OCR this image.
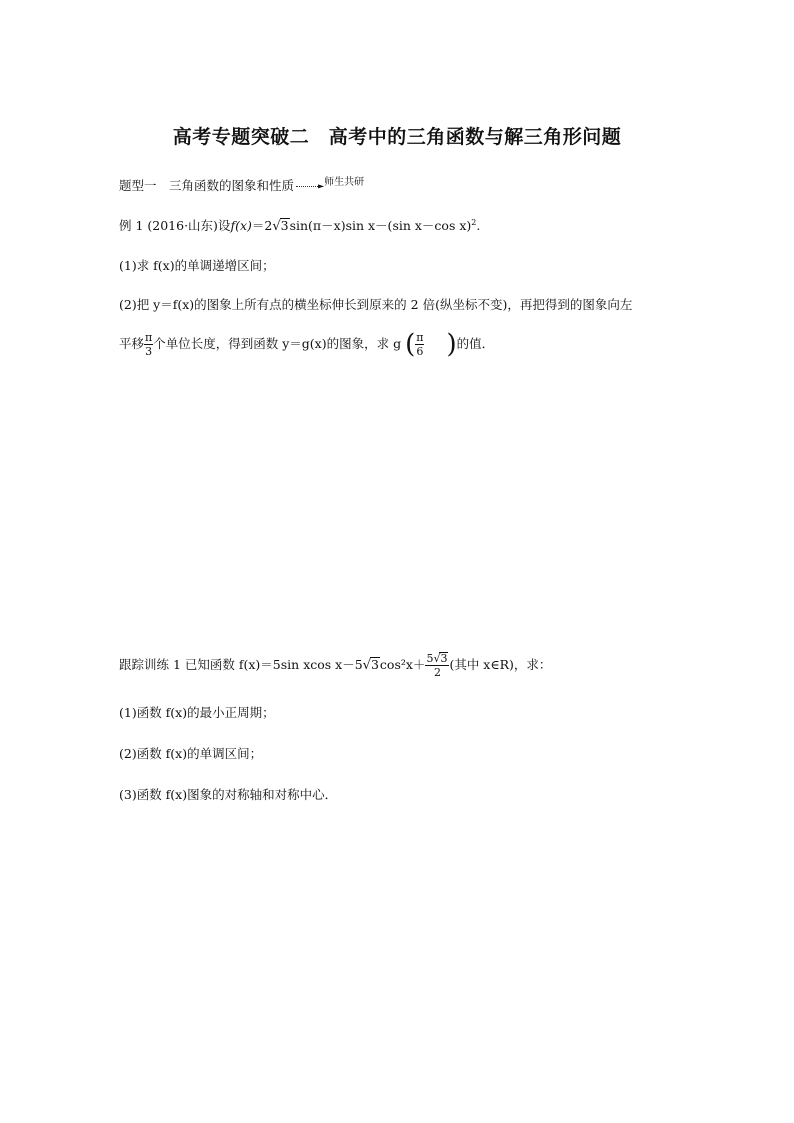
高考专题突破二　高考中的三角函数与解三角形问题
题型一　三角函数的图象和性质	►$^{师生共研}$
例 1 (2016·山东)设f(x)＝2√3sin(π－x)sin x－(sin x－cos x)$^2$.
(1)求 f(x)的单调递增区间；
(2)把 y＝f(x)的图象上所有点的横坐标伸长到原来的 2 倍(纵坐标不变)，再把得到的图象向左
平移 $\frac{\pi}{3}$ 个单位长度，得到函数 y＝g(x)的图象，求 g ( $\frac{\pi}{6}$ )的值．
跟踪训练 1 已知函数 f(x)＝5sin xcos $x-5√3\cos^2x+ \frac{5√3}{2}$ (其中 x∈R)，求：
(1)函数 f(x)的最小正周期；
(2)函数 f(x)的单调区间；
(3)函数 f(x)图象的对称轴和对称中心．
